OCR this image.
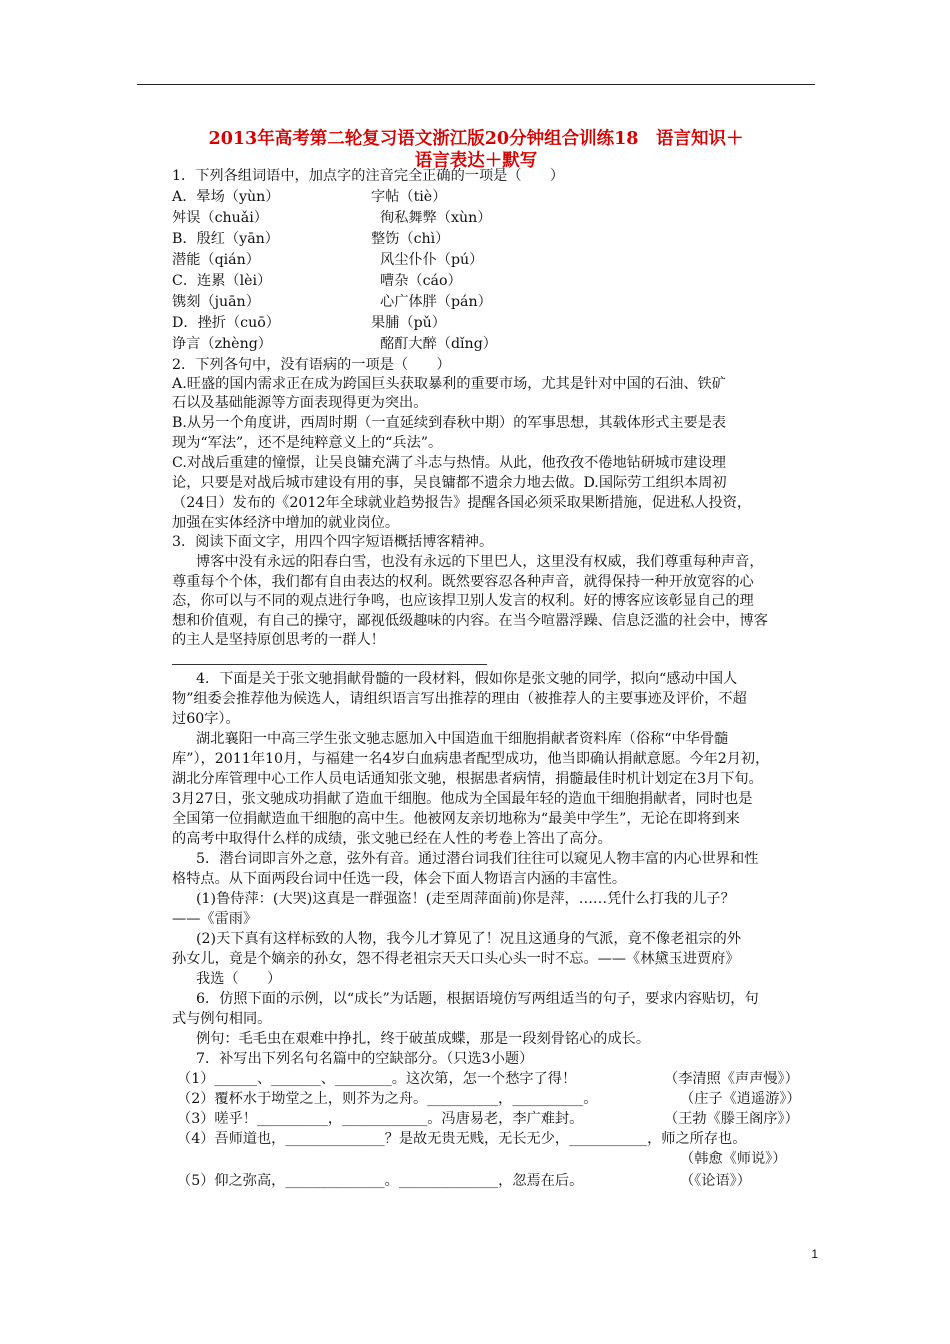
2013年高考第二轮复习语文浙江版20分钟组合训练18　语言知识＋
语言表达＋默写
1．下列各组词语中，加点字的注音完全正确的一项是（　　）
A．晕场（yùn）	字帖（tiè）
舛误（chuǎi）	徇私舞弊（xùn）
B．殷红（yān）	整饬（chì）
潜能（qián）	风尘仆仆（pú）
C．连累（lèi）	嘈杂（cáo）
镌刻（juān）	心广体胖（pán）
D．挫折（cuō）	果脯（pǔ）
诤言（zhèng）	酩酊大醉（dǐng）
2．下列各句中，没有语病的一项是（　　）
A.旺盛的国内需求正在成为跨国巨头获取暴利的重要市场，尤其是针对中国的石油、铁矿
石以及基础能源等方面表现得更为突出。
B.从另一个角度讲，西周时期（一直延续到春秋中期）的军事思想，其载体形式主要是表
现为“军法”，还不是纯粹意义上的“兵法”。
C.对战后重建的憧憬，让吴良镛充满了斗志与热情。从此，他孜孜不倦地钻研城市建设理
论，只要是对战后城市建设有用的事，吴良镛都不遗余力地去做。D.国际劳工组织本周初
（24日）发布的《2012年全球就业趋势报告》提醒各国必须采取果断措施，促进私人投资，
加强在实体经济中增加的就业岗位。
3．阅读下面文字，用四个四字短语概括博客精神。
博客中没有永远的阳春白雪，也没有永远的下里巴人，这里没有权威，我们尊重每种声音，
尊重每个个体，我们都有自由表达的权利。既然要容忍各种声音，就得保持一种开放宽容的心
态，你可以与不同的观点进行争鸣，也应该捍卫别人发言的权利。好的博客应该彰显自己的理
想和价值观，有自己的操守，鄙视低级趣味的内容。在当今喧嚣浮躁、信息泛滥的社会中，博客
的主人是坚持原创思考的一群人！
4．下面是关于张文驰捐献骨髓的一段材料，假如你是张文驰的同学，拟向“感动中国人
物”组委会推荐他为候选人，请组织语言写出推荐的理由（被推荐人的主要事迹及评价，不超
过60字）。
湖北襄阳一中高三学生张文驰志愿加入中国造血干细胞捐献者资料库（俗称“中华骨髓
库”），2011年10月，与福建一名4岁白血病患者配型成功，他当即确认捐献意愿。今年2月初，
湖北分库管理中心工作人员电话通知张文驰，根据患者病情，捐髓最佳时机计划定在3月下旬。
3月27日，张文驰成功捐献了造血干细胞。他成为全国最年轻的造血干细胞捐献者，同时也是
全国第一位捐献造血干细胞的高中生。他被网友亲切地称为“最美中学生”，无论在即将到来
的高考中取得什么样的成绩，张文驰已经在人性的考卷上答出了高分。
5．潜台词即言外之意，弦外有音。通过潜台词我们往往可以窥见人物丰富的内心世界和性
格特点。从下面两段台词中任选一段，体会下面人物语言内涵的丰富性。
(1)鲁侍萍：(大哭)这真是一群强盗！(走至周萍面前)你是萍，……凭什么打我的儿子？
——《雷雨》
(2)天下真有这样标致的人物，我今儿才算见了！况且这通身的气派，竟不像老祖宗的外
孙女儿，竟是个嫡亲的孙女，怨不得老祖宗天天口头心头一时不忘。——《林黛玉进贾府》
我选（　　）
6．仿照下面的示例，以“成长”为话题，根据语境仿写两组适当的句子，要求内容贴切，句
式与例句相同。
例句：毛毛虫在艰难中挣扎，终于破茧成蝶，那是一段刻骨铭心的成长。
7．补写出下列名句名篇中的空缺部分。（只选3小题）
（1）______、_______、________。这次第，怎一个愁字了得！	（李清照《声声慢》）
（2）覆杯水于坳堂之上，则芥为之舟。__________，__________。	（庄子《逍遥游》）
（3）嗟乎！__________，____________。冯唐易老，李广难封。	（王勃《滕王阁序》）
（4）吾师道也，______________？是故无贵无贱，无长无少，___________，师之所存也。
（韩愈《师说》）
（5）仰之弥高，______________。______________，忽焉在后。	（《论语》）
1
